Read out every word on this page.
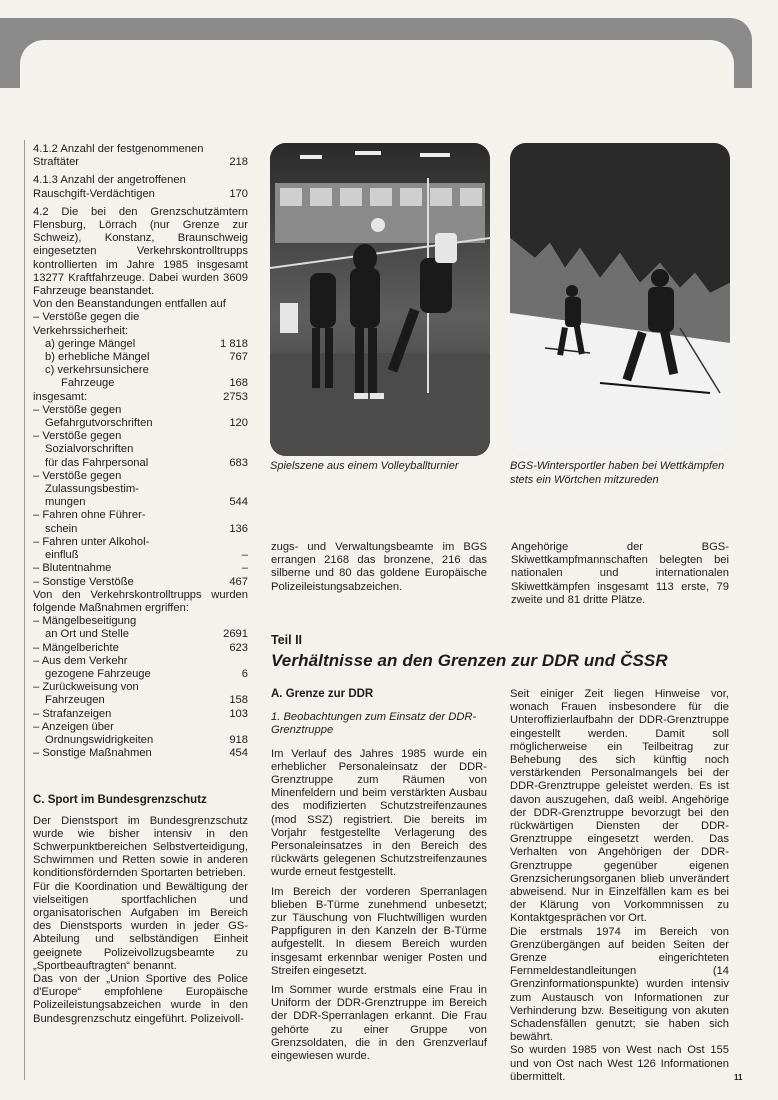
4.1.2 Anzahl der festgenommenen
Straftäter	218
4.1.3 Anzahl der angetroffenen
Rauschgift-Verdächtigen	170

4.2 Die bei den Grenzschutzämtern Flensburg, Lörrach (nur Grenze zur Schweiz), Konstanz, Braunschweig eingesetzten Verkehrskontrolltrupps kontrollierten im Jahre 1985 insgesamt 13277 Kraftfahrzeuge. Dabei wurden 3609 Fahrzeuge beanstandet.

Von den Beanstandungen entfallen auf
– Verstöße gegen die Verkehrssicherheit:
a) geringe Mängel	1 818
b) erhebliche Mängel	767
c) verkehrsunsichere
Fahrzeuge	168
insgesamt:	2753
– Verstöße gegen
Gefahrgutvorschriften	120
– Verstöße gegen
Sozialvorschriften
für das Fahrpersonal	683
– Verstöße gegen
Zulassungsbestim-
mungen	544
– Fahren ohne Führer-
schein	136
– Fahren unter Alkohol-
einfluß	–
– Blutentnahme	–
– Sonstige Verstöße	467
Von den Verkehrskontrolltrupps wurden folgende Maßnahmen ergriffen:
– Mängelbeseitigung
an Ort und Stelle	2691
– Mängelberichte	623
– Aus dem Verkehr
gezogene Fahrzeuge	6
– Zurückweisung von
Fahrzeugen	158
– Strafanzeigen	103
– Anzeigen über
Ordnungswidrigkeiten	918
– Sonstige Maßnahmen	454
C. Sport im Bundesgrenzschutz

Der Dienstsport im Bundesgrenzschutz wurde wie bisher intensiv in den Schwerpunktbereichen Selbstverteidigung, Schwimmen und Retten sowie in anderen konditionsfördernden Sportarten betrieben.

Für die Koordination und Bewältigung der vielseitigen sportfachlichen und organisatorischen Aufgaben im Bereich des Dienstsports wurden in jeder GS-Abteilung und selbständigen Einheit geeignete Polizeivollzugsbeamte zu „Sportbeauftragten“ benannt.

Das von der „Union Sportive des Police d'Europe“ empfohlene Europäische Polizeileistungsabzeichen wurde in den Bundesgrenzschutz eingeführt. Polizeivoll-

Spielszene aus einem Volleyballturnier	BGS-Wintersportler haben bei Wettkämpfen stets ein Wörtchen mitzureden

zugs- und Verwaltungsbeamte im BGS errangen 2168 das bronzene, 216 das silberne und 80 das goldene Europäische Polizeileistungsabzeichen.

Angehörige der BGS-Skiwettkampfmannschaften belegten bei nationalen und internationalen Skiwettkämpfen insgesamt 113 erste, 79 zweite und 81 dritte Plätze.

Teil II
Verhältnisse an den Grenzen zur DDR und ČSSR
A. Grenze zur DDR
1. Beobachtungen zum Einsatz der DDR-Grenztruppe

Im Verlauf des Jahres 1985 wurde ein erheblicher Personaleinsatz der DDR-Grenztruppe zum Räumen von Minenfeldern und beim verstärkten Ausbau des modifizierten Schutzstreifenzaunes (mod SSZ) registriert. Die bereits im Vorjahr festgestellte Verlagerung des Personaleinsatzes in den Bereich des rückwärts gelegenen Schutzstreifenzaunes wurde erneut festgestellt.

Im Bereich der vorderen Sperranlagen blieben B-Türme zunehmend unbesetzt; zur Täuschung von Fluchtwilligen wurden Pappfiguren in den Kanzeln der B-Türme aufgestellt. In diesem Bereich wurden insgesamt erkennbar weniger Posten und Streifen eingesetzt.

Im Sommer wurde erstmals eine Frau in Uniform der DDR-Grenztruppe im Bereich der DDR-Sperranlagen erkannt. Die Frau gehörte zu einer Gruppe von Grenzsoldaten, die in den Grenzverlauf eingewiesen wurde.

Seit einiger Zeit liegen Hinweise vor, wonach Frauen insbesondere für die Unteroffizierlaufbahn der DDR-Grenztruppe eingestellt werden. Damit soll möglicherweise ein Teilbeitrag zur Behebung des sich künftig noch verstärkenden Personalmangels bei der DDR-Grenztruppe geleistet werden. Es ist davon auszugehen, daß weibl. Angehörige der DDR-Grenztruppe bevorzugt bei den rückwärtigen Diensten der DDR-Grenztruppe eingesetzt werden. Das Verhalten von Angehörigen der DDR-Grenztruppe gegenüber eigenen Grenzsicherungsorganen blieb unverändert abweisend. Nur in Einzelfällen kam es bei der Klärung von Vorkommnissen zu Kontaktgesprächen vor Ort.

Die erstmals 1974 im Bereich von Grenzübergängen auf beiden Seiten der Grenze eingerichteten Fernmeldestandleitungen (14 Grenzinformationspunkte) wurden intensiv zum Austausch von Informationen zur Verhinderung bzw. Beseitigung von akuten Schadensfällen genutzt; sie haben sich bewährt.

So wurden 1985 von West nach Ost 155 und von Ost nach West 126 Informationen übermittelt.	11
